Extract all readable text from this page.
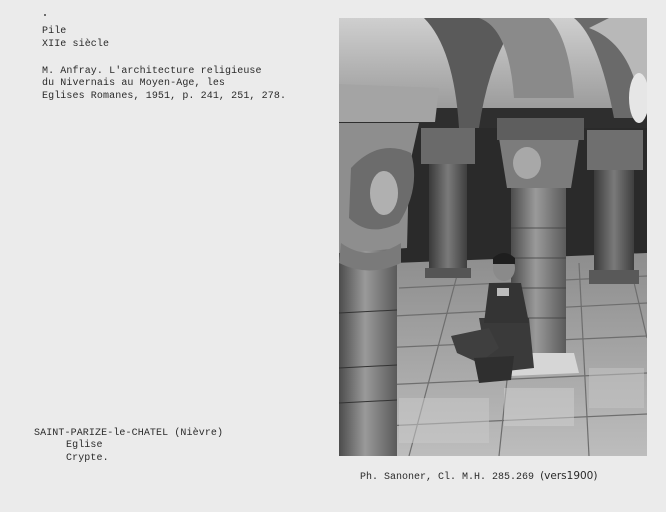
Pile
XIIe siècle
M. Anfray. L'architecture religieuse
du Nivernais au Moyen-Age, les
Eglises Romanes, 1951, p. 241, 251, 278.
SAINT-PARIZE-le-CHATEL (Nièvre)
Eglise
Crypte.
Ph. Sanoner, Cl. M.H. 285.269 (vers1900)
